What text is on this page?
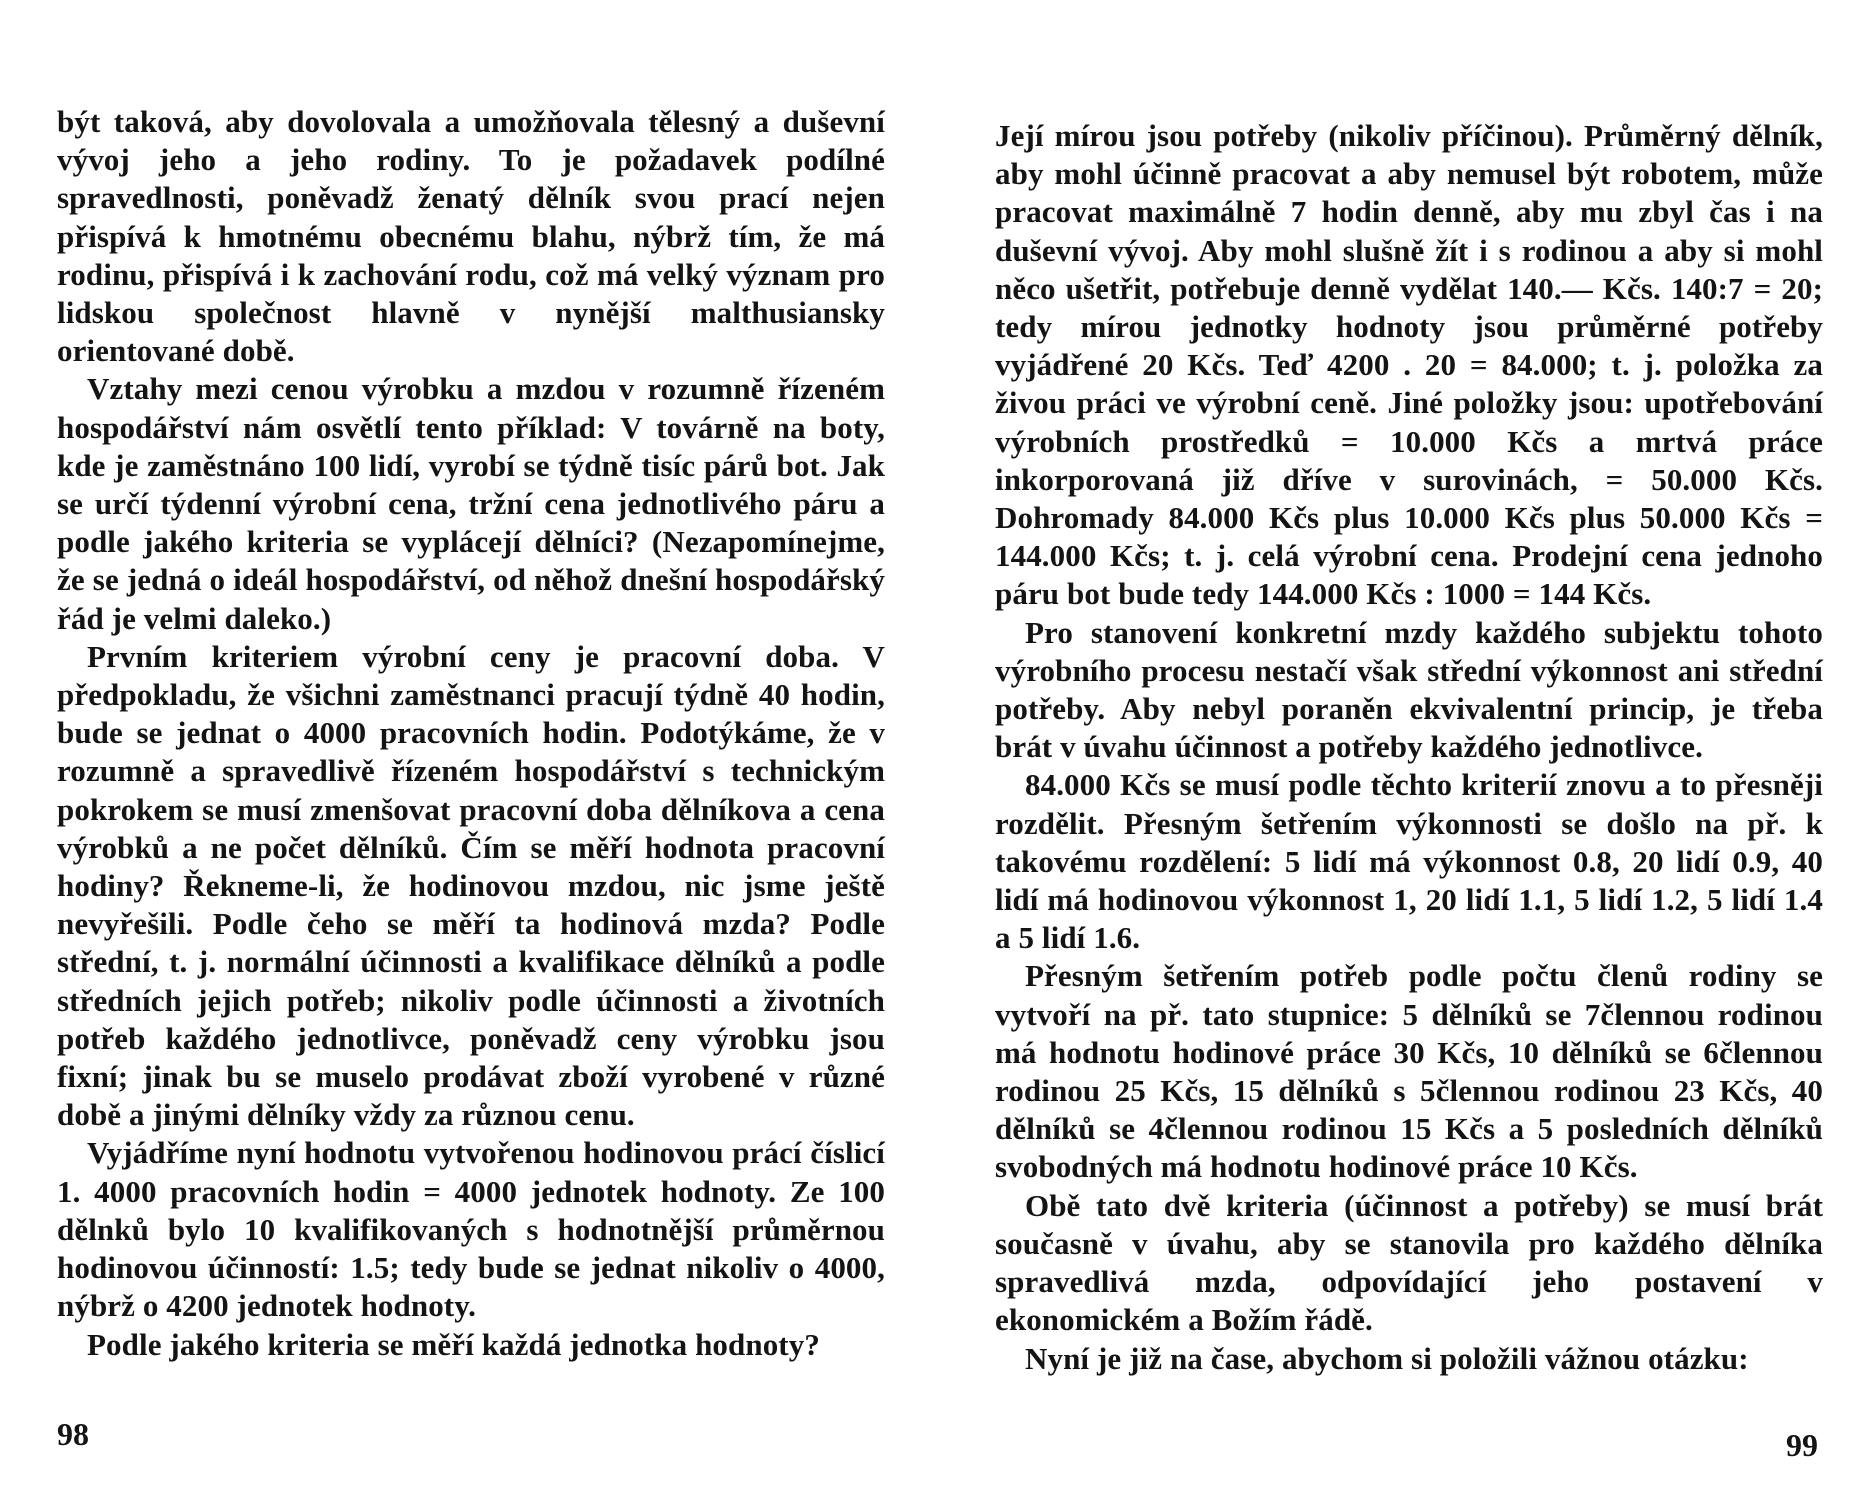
být taková, aby dovolovala a umožňovala tělesný a duševní vývoj jeho a jeho rodiny. To je požadavek podílné spravedlnosti, poněvadž ženatý dělník svou prací nejen přispívá k hmotnému obecnému blahu, nýbrž tím, že má rodinu, přispívá i k zachování rodu, což má velký význam pro lidskou společnost hlavně v nynější malthusiansky orientované době.

Vztahy mezi cenou výrobku a mzdou v rozumně řízeném hospodářství nám osvětlí tento příklad: V továrně na boty, kde je zaměstnáno 100 lidí, vyrobí se týdně tisíc párů bot. Jak se určí týdenní výrobní cena, tržní cena jednotlivého páru a podle jakého kriteria se vyplácejí dělníci? (Nezapomínejme, že se jedná o ideál hospodářství, od něhož dnešní hospodářský řád je velmi daleko.)

Prvním kriteriem výrobní ceny je pracovní doba. V předpokladu, že všichni zaměstnanci pracují týdně 40 hodin, bude se jednat o 4000 pracovních hodin. Podotýkáme, že v rozumně a spravedlivě řízeném hospodářství s technickým pokrokem se musí zmenšovat pracovní doba dělníkova a cena výrobků a ne počet dělníků. Čím se měří hodnota pracovní hodiny? Řekneme-li, že hodinovou mzdou, nic jsme ještě nevyřešili. Podle čeho se měří ta hodinová mzda? Podle střední, t. j. normální účinnosti a kvalifikace dělníků a podle středních jejich potřeb; nikoliv podle účinnosti a životních potřeb každého jednotlivce, poněvadž ceny výrobku jsou fixní; jinak bu se muselo prodávat zboží vyrobené v různé době a jinými dělníky vždy za různou cenu.

Vyjádříme nyní hodnotu vytvořenou hodinovou prácí číslicí 1. 4000 pracovních hodin = 4000 jednotek hodnoty. Ze 100 dělnků bylo 10 kvalifikovaných s hodnotnější průměrnou hodinovou účinností: 1.5; tedy bude se jednat nikoliv o 4000, nýbrž o 4200 jednotek hodnoty.

Podle jakého kriteria se měří každá jednotka hodnoty?

98

Její mírou jsou potřeby (nikoliv příčinou). Průměrný dělník, aby mohl účinně pracovat a aby nemusel být robotem, může pracovat maximálně 7 hodin denně, aby mu zbyl čas i na duševní vývoj. Aby mohl slušně žít i s rodinou a aby si mohl něco ušetřit, potřebuje denně vydělat 140.— Kčs. 140:7 = 20; tedy mírou jednotky hodnoty jsou průměrné potřeby vyjádřené 20 Kčs. Teď 4200 . 20 = 84.000; t. j. položka za živou práci ve výrobní ceně. Jiné položky jsou: upotřebování výrobních prostředků = 10.000 Kčs a mrtvá práce inkorporovaná již dříve v surovinách, = 50.000 Kčs. Dohromady 84.000 Kčs plus 10.000 Kčs plus 50.000 Kčs = 144.000 Kčs; t. j. celá výrobní cena. Prodejní cena jednoho páru bot bude tedy 144.000 Kčs : 1000 = 144 Kčs.

Pro stanovení konkretní mzdy každého subjektu tohoto výrobního procesu nestačí však střední výkonnost ani střední potřeby. Aby nebyl poraněn ekvivalentní princip, je třeba brát v úvahu účinnost a potřeby každého jednotlivce.

84.000 Kčs se musí podle těchto kriterií znovu a to přesněji rozdělit. Přesným šetřením výkonnosti se došlo na př. k takovému rozdělení: 5 lidí má výkonnost 0.8, 20 lidí 0.9, 40 lidí má hodinovou výkonnost 1, 20 lidí 1.1, 5 lidí 1.2, 5 lidí 1.4 a 5 lidí 1.6.

Přesným šetřením potřeb podle počtu členů rodiny se vytvoří na př. tato stupnice: 5 dělníků se 7člennou rodinou má hodnotu hodinové práce 30 Kčs, 10 dělníků se 6člennou rodinou 25 Kčs, 15 dělníků s 5člennou rodinou 23 Kčs, 40 dělníků se 4člennou rodinou 15 Kčs a 5 posledních dělníků svobodných má hodnotu hodinové práce 10 Kčs.

Obě tato dvě kriteria (účinnost a potřeby) se musí brát současně v úvahu, aby se stanovila pro každého dělníka spravedlivá mzda, odpovídající jeho postavení v ekonomickém a Božím řádě.

Nyní je již na čase, abychom si položili vážnou otázku:

99
